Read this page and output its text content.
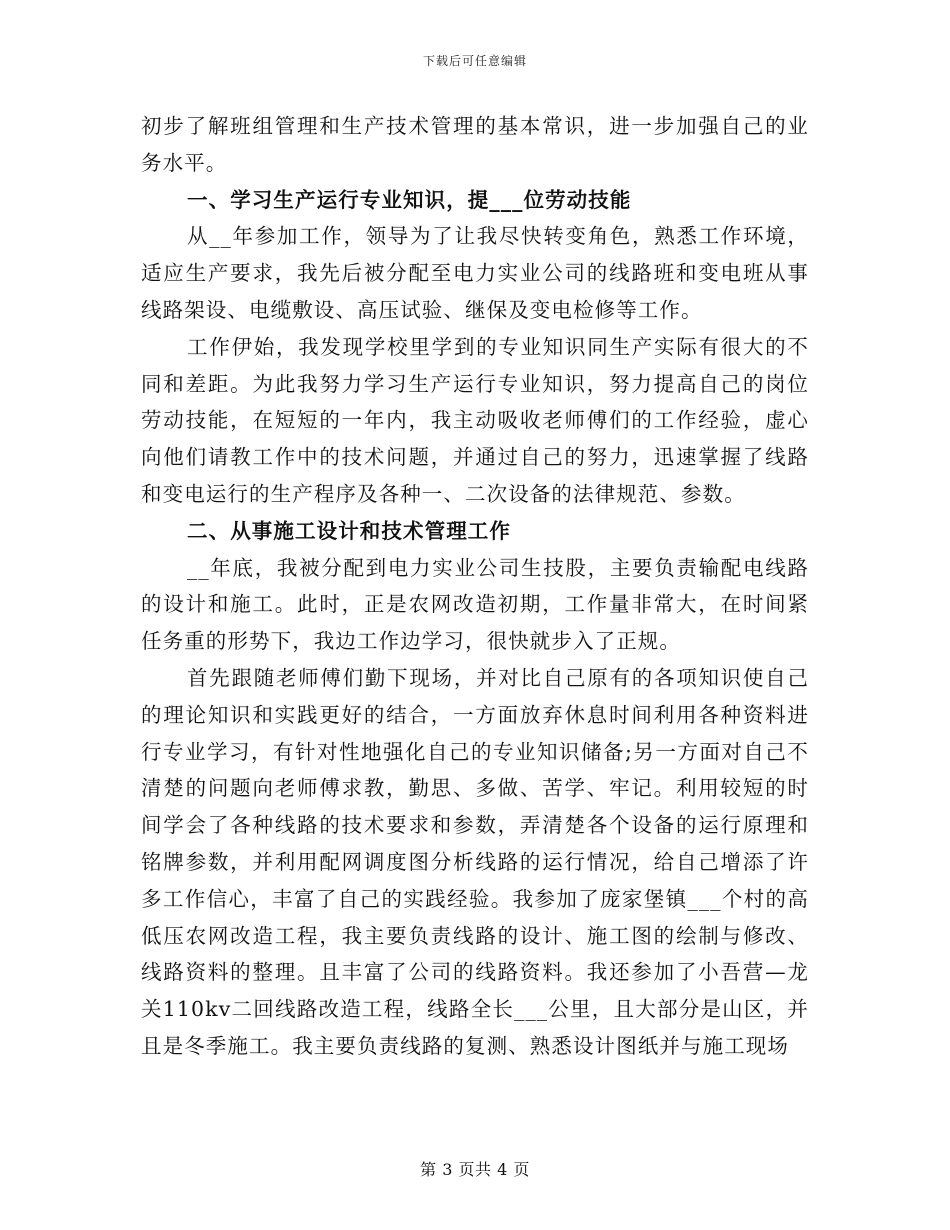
下载后可任意编辑

初步了解班组管理和生产技术管理的基本常识，进一步加强自己的业务水平。

一、学习生产运行专业知识，提___位劳动技能

从__年参加工作，领导为了让我尽快转变角色，熟悉工作环境，适应生产要求，我先后被分配至电力实业公司的线路班和变电班从事线路架设、电缆敷设、高压试验、继保及变电检修等工作。

工作伊始，我发现学校里学到的专业知识同生产实际有很大的不同和差距。为此我努力学习生产运行专业知识，努力提高自己的岗位劳动技能，在短短的一年内，我主动吸收老师傅们的工作经验，虚心向他们请教工作中的技术问题，并通过自己的努力，迅速掌握了线路和变电运行的生产程序及各种一、二次设备的法律规范、参数。

二、从事施工设计和技术管理工作

__年底，我被分配到电力实业公司生技股，主要负责输配电线路的设计和施工。此时，正是农网改造初期，工作量非常大，在时间紧任务重的形势下，我边工作边学习，很快就步入了正规。

首先跟随老师傅们勤下现场，并对比自己原有的各项知识使自己的理论知识和实践更好的结合，一方面放弃休息时间利用各种资料进行专业学习，有针对性地强化自己的专业知识储备;另一方面对自己不清楚的问题向老师傅求教，勤思、多做、苦学、牢记。利用较短的时间学会了各种线路的技术要求和参数，弄清楚各个设备的运行原理和铭牌参数，并利用配网调度图分析线路的运行情况，给自己增添了许多工作信心，丰富了自己的实践经验。我参加了庞家堡镇___个村的高低压农网改造工程，我主要负责线路的设计、施工图的绘制与修改、线路资料的整理。且丰富了公司的线路资料。我还参加了小吾营—龙关110kv二回线路改造工程，线路全长___公里，且大部分是山区，并且是冬季施工。我主要负责线路的复测、熟悉设计图纸并与施工现场

第 3 页共 4 页
